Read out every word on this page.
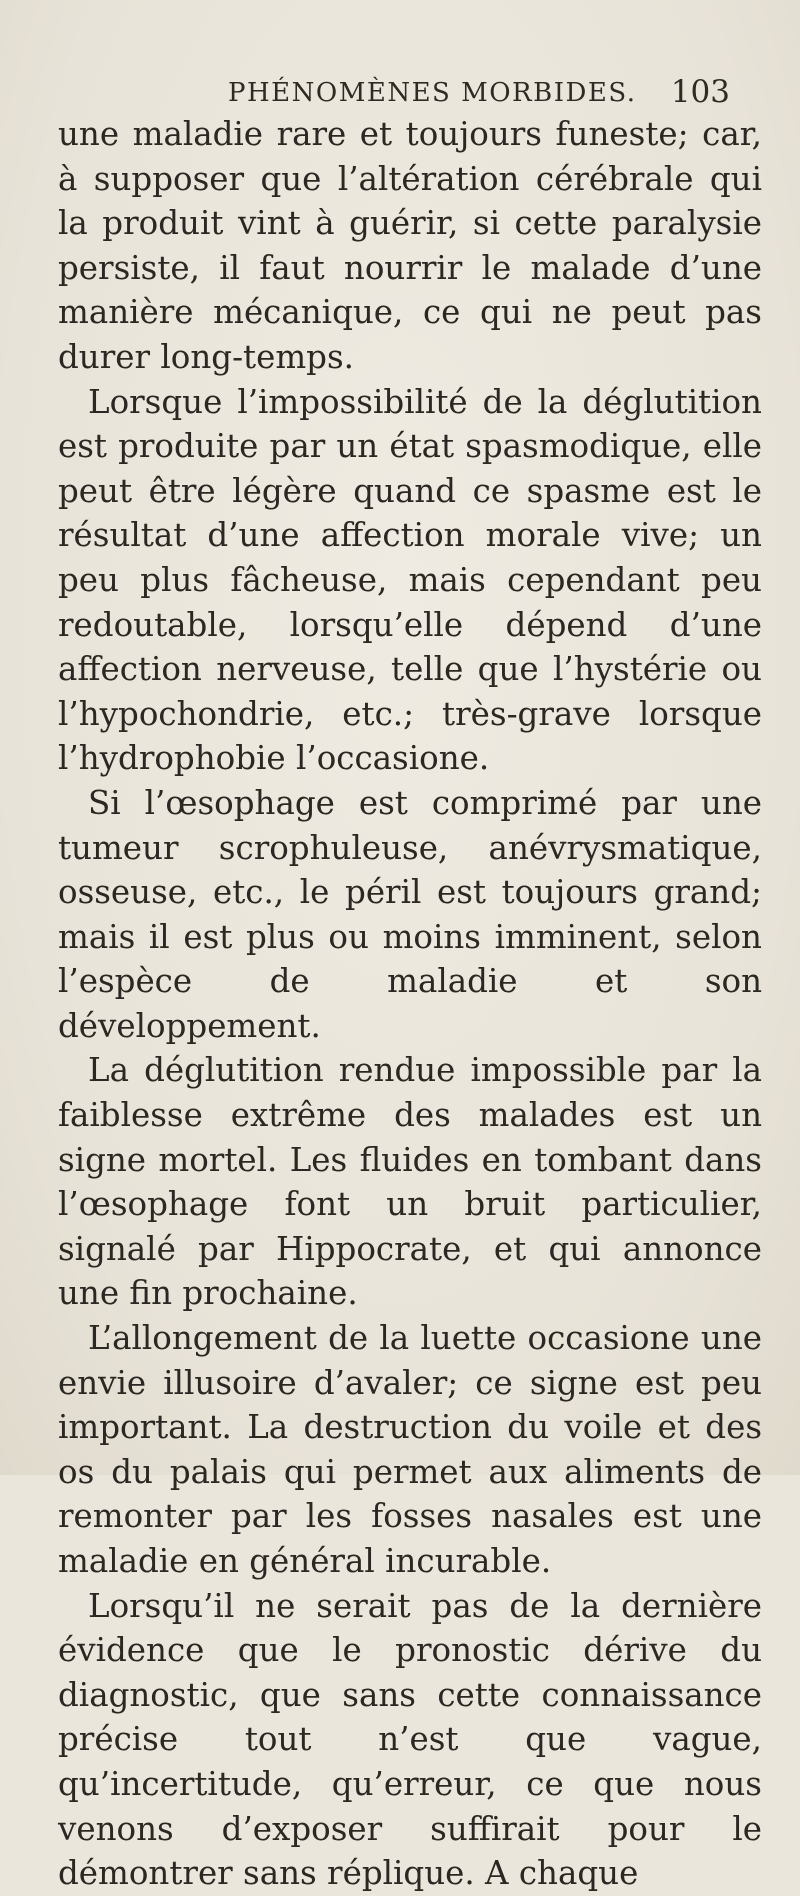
PHÉNOMÈNES MORBIDES. 103

une maladie rare et toujours funeste; car, à supposer que l’altération cérébrale qui la produit vint à guérir, si cette paralysie persiste, il faut nourrir le malade d’une manière mécanique, ce qui ne peut pas durer long-temps.

Lorsque l’impossibilité de la déglutition est produite par un état spasmodique, elle peut être légère quand ce spasme est le résultat d’une affection morale vive; un peu plus fâcheuse, mais cependant peu redoutable, lorsqu’elle dépend d’une affection nerveuse, telle que l’hystérie ou l’hypochondrie, etc.; très-grave lorsque l’hydrophobie l’occasione.

Si l’œsophage est comprimé par une tumeur scrophuleuse, anévrysmatique, osseuse, etc., le péril est toujours grand; mais il est plus ou moins imminent, selon l’espèce de maladie et son développement.

La déglutition rendue impossible par la faiblesse extrême des malades est un signe mortel. Les fluides en tombant dans l’œsophage font un bruit particulier, signalé par Hippocrate, et qui annonce une fin prochaine.

L’allongement de la luette occasione une envie illusoire d’avaler; ce signe est peu important. La destruction du voile et des os du palais qui permet aux aliments de remonter par les fosses nasales est une maladie en général incurable.

Lorsqu’il ne serait pas de la dernière évidence que le pronostic dérive du diagnostic, que sans cette connaissance précise tout n’est que vague, qu’incertitude, qu’erreur, ce que nous venons d’exposer suffirait pour le démontrer sans réplique. A chaque
